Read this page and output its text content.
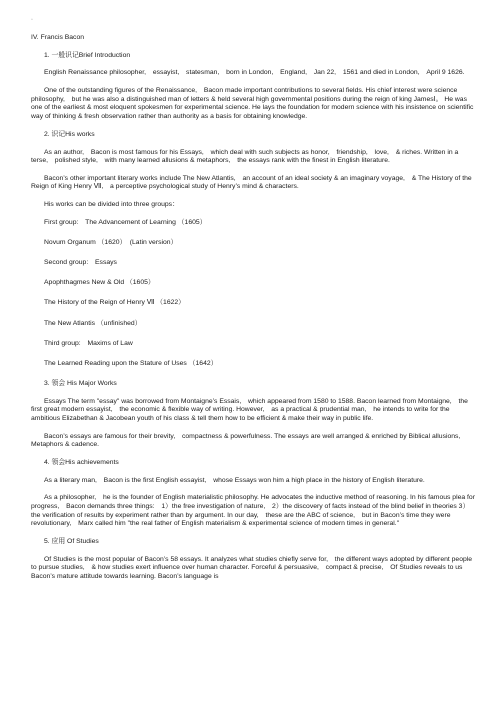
▫
IV. Francis Bacon
1. 一般识记Brief Introduction
English Renaissance philosopher,　essayist,　statesman,　born in London,　England,　Jan 22,　1561 and died in London,　April 9 1626.
One of the outstanding figures of the Renaissance,　Bacon made important contributions to several fields. His chief interest were science philosophy,　but he was also a distinguished man of letters & held several high governmental positions during the reign of king JamesⅠ。 He was one of the earliest & most eloquent spokesmen for experimental science. He lays the foundation for modern science with his insistence on scientific way of thinking & fresh observation rather than authority as a basis for obtaining knowledge.
2. 识记His works
As an author,　Bacon is most famous for his Essays,　which deal with such subjects as honor,　friendship,　love,　& riches. Written in a terse,　polished style,　with many learned allusions & metaphors,　the essays rank with the finest in English literature.
Bacon’s other important literary works include The New Atlantis,　an account of an ideal society & an imaginary voyage,　& The History of the Reign of King Henry Ⅶ,　a perceptive psychological study of Henry’s mind & characters.
His works can be divided into three groups：
First group:　The Advancement of Learning （1605）
Novum Organum （1620）　(Latin version）
Second group:　Essays
Apophthagmes New & Old （1605）
The History of the Reign of Henry Ⅶ （1622）
The New Atlantis （unfinished）
Third group:　Maxims of Law
The Learned Reading upon the Stature of Uses （1642）
3. 领会 His Major Works
Essays The term "essay" was borrowed from Montaigne’s Essais,　which appeared from 1580 to 1588. Bacon learned from Montaigne,　the first great modern essayist,　the economic & flexible way of writing. However,　as a practical & prudential man,　he intends to write for the ambitious Elizabethan & Jacobean youth of his class & tell them how to be efficient & make their way in public life.
Bacon’s essays are famous for their brevity,　compactness & powerfulness. The essays are well arranged & enriched by Biblical allusions,　Metaphors & cadence.
4. 领会His achievements
As a literary man,　Bacon is the first English essayist,　whose Essays won him a high place in the history of English literature.
As a philosopher,　he is the founder of English materialistic philosophy. He advocates the inductive method of reasoning. In his famous plea for progress,　Bacon demands three things:　1）the free investigation of nature,　2）the discovery of facts instead of the blind belief in theories 3）the verification of results by experiment rather than by argument. In our day,　these are the ABC of science,　but in Bacon’s time they were revolutionary,　Marx called him "the real father of English materialism & experimental science of modern times in general."
5. 应用 Of Studies
Of Studies is the most popular of Bacon’s 58 essays. It analyzes what studies chiefly serve for,　the different ways adopted by different people to pursue studies,　& how studies exert influence over human character. Forceful & persuasive,　compact & precise,　Of Studies reveals to us Bacon’s mature attitude towards learning. Bacon’s language is
